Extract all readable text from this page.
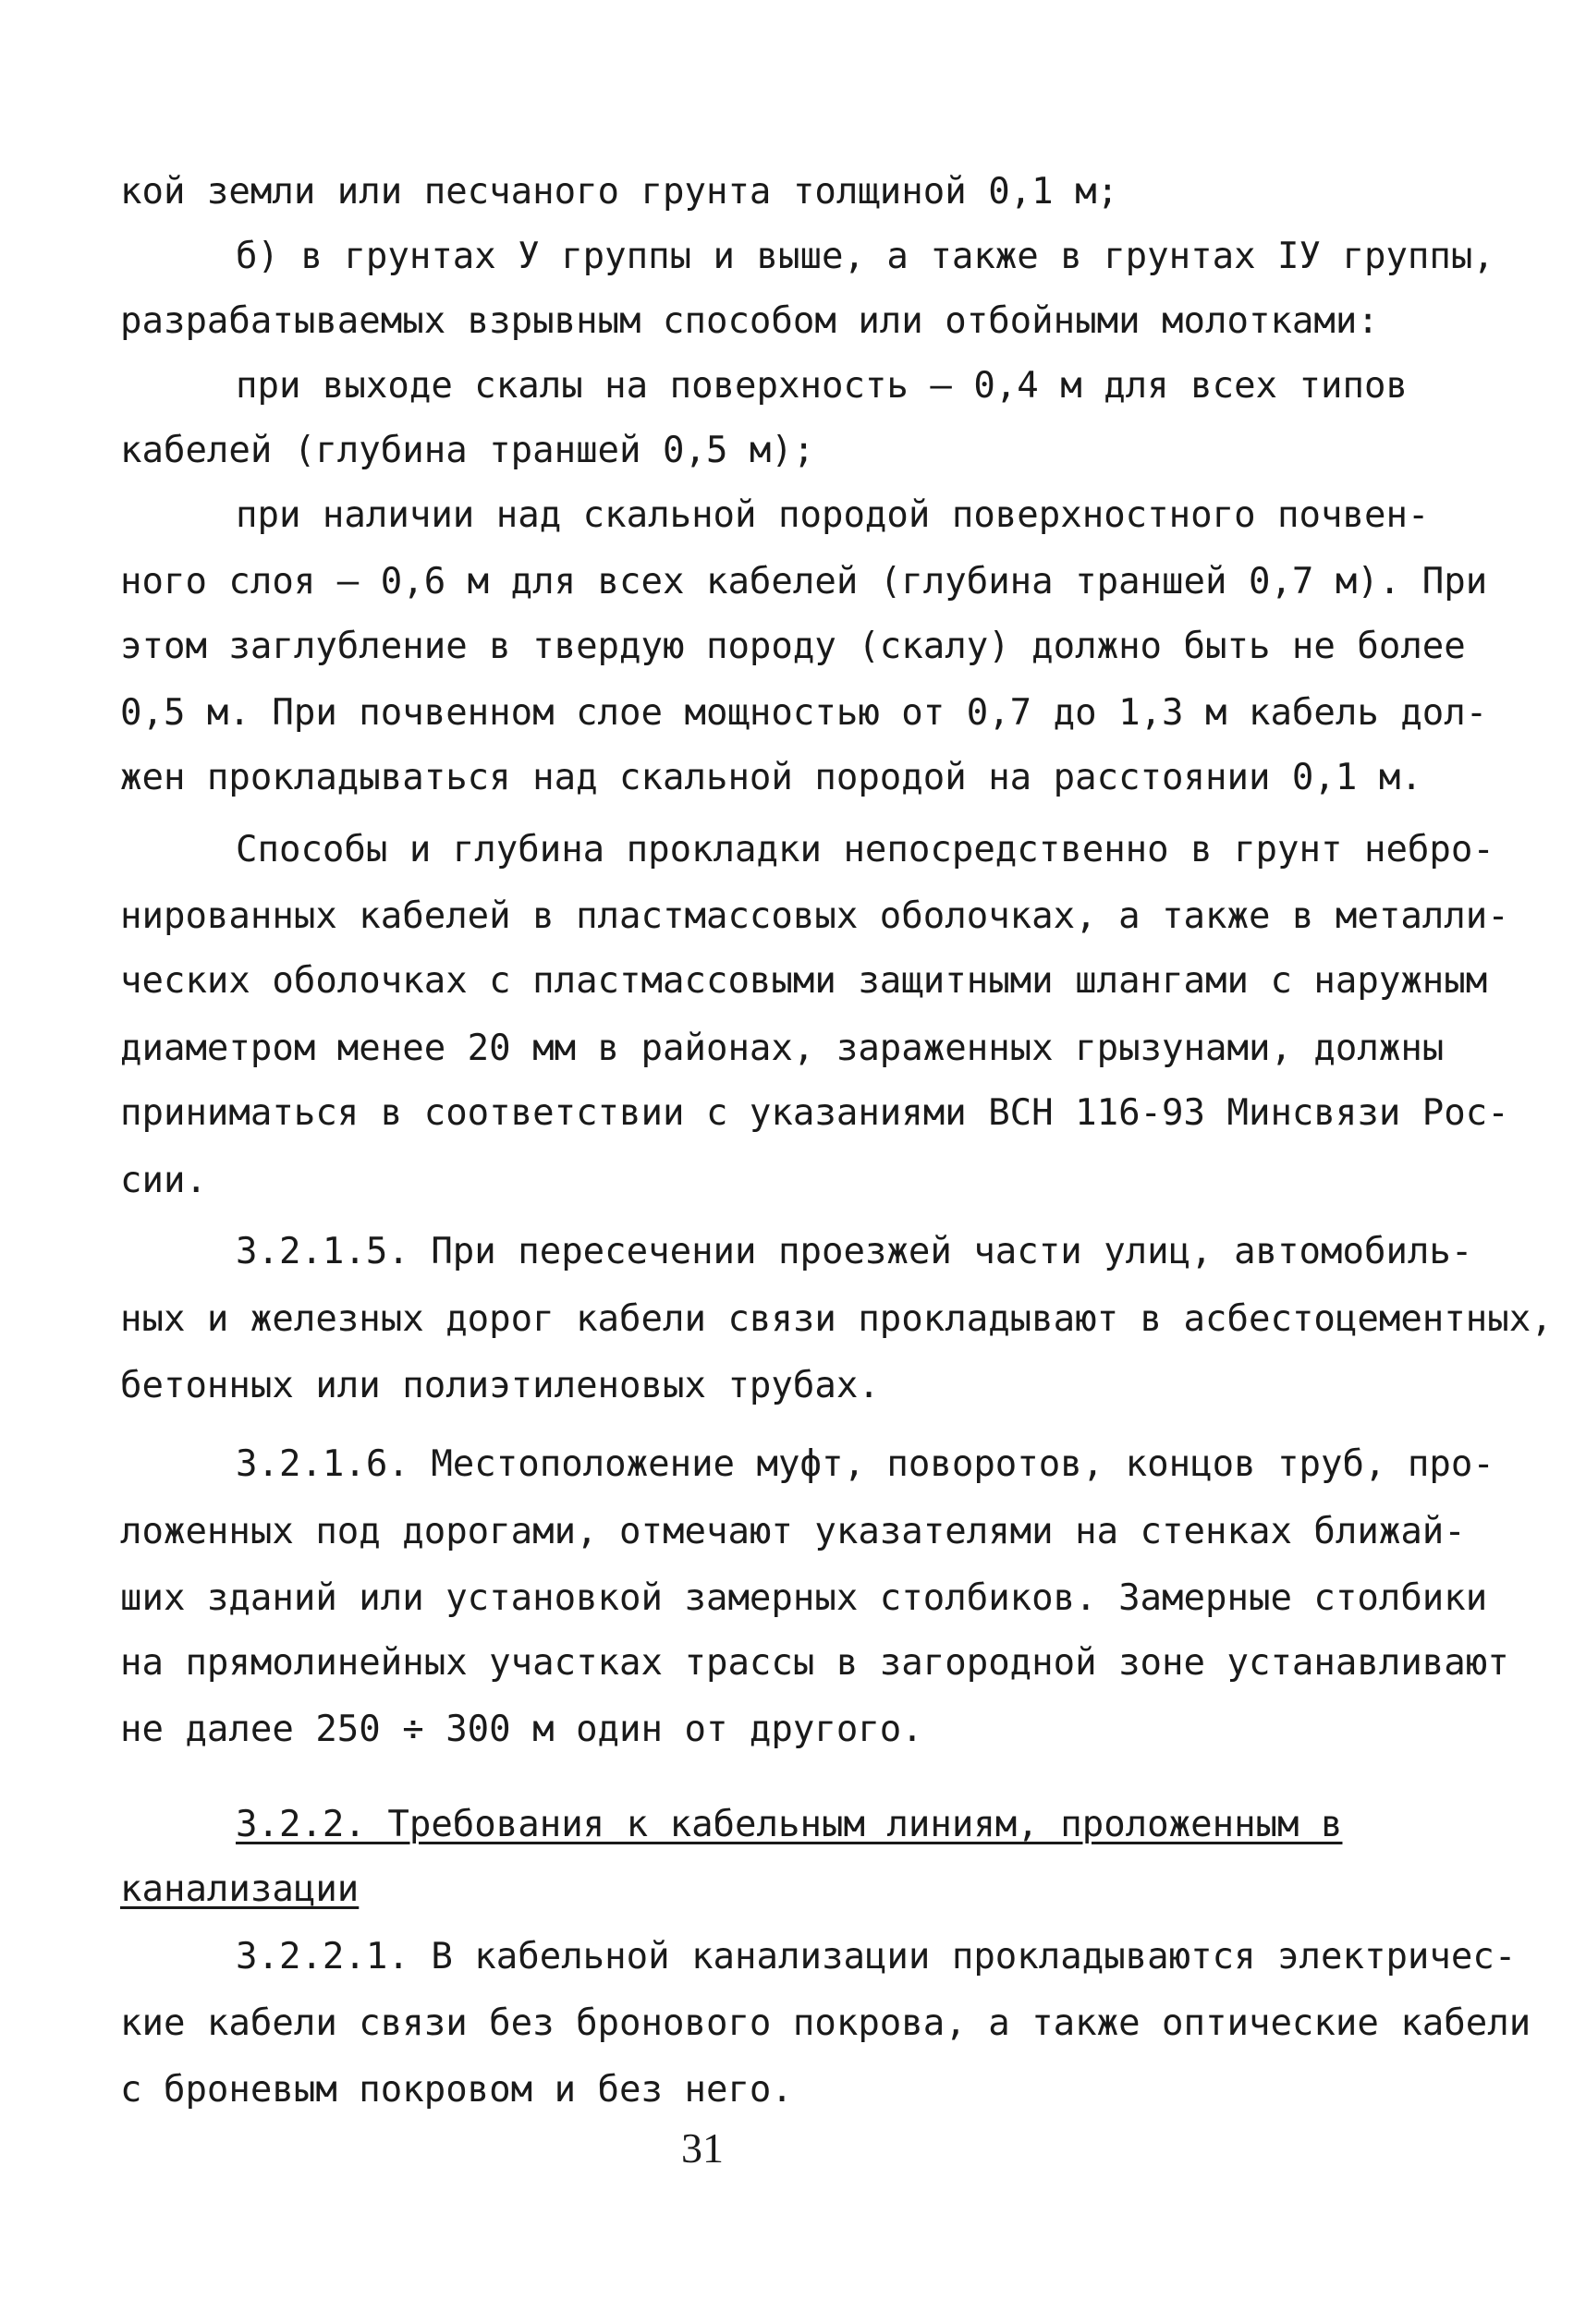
кой земли или песчаного грунта толщиной 0,1 м;
б) в грунтах У группы и выше, а также в грунтах IУ группы,
разрабатываемых взрывным способом или отбойными молотками:
при выходе скалы на поверхность – 0,4 м для всех типов
кабелей (глубина траншей 0,5 м);
при наличии над скальной породой поверхностного почвен-
ного слоя – 0,6 м для всех кабелей (глубина траншей 0,7 м). При
этом заглубление в твердую породу (скалу) должно быть не более
0,5 м. При почвенном слое мощностью от 0,7 до 1,3 м кабель дол-
жен прокладываться над скальной породой на расстоянии 0,1 м.
Способы и глубина прокладки непосредственно в грунт небро-
нированных кабелей в пластмассовых оболочках, а также в металли-
ческих оболочках с пластмассовыми защитными шлангами с наружным
диаметром менее 20 мм в районах, зараженных грызунами, должны
приниматься в соответствии с указаниями ВСН 116-93 Минсвязи Рос-
сии.
3.2.1.5. При пересечении проезжей части улиц, автомобиль-
ных и железных дорог кабели связи прокладывают в асбестоцементных,
бетонных или полиэтиленовых трубах.
3.2.1.6. Местоположение муфт, поворотов, концов труб, про-
ложенных под дорогами, отмечают указателями на стенках ближай-
ших зданий или установкой замерных столбиков. Замерные столбики
на прямолинейных участках трассы в загородной зоне устанавливают
не далее 250 ÷ 300 м один от другого.
3.2.2. Требования к кабельным линиям, проложенным в
канализации
3.2.2.1. В кабельной канализации прокладываются электричес-
кие кабели связи без бронового покрова, а также оптические кабели
с броневым покровом и без него.
31
